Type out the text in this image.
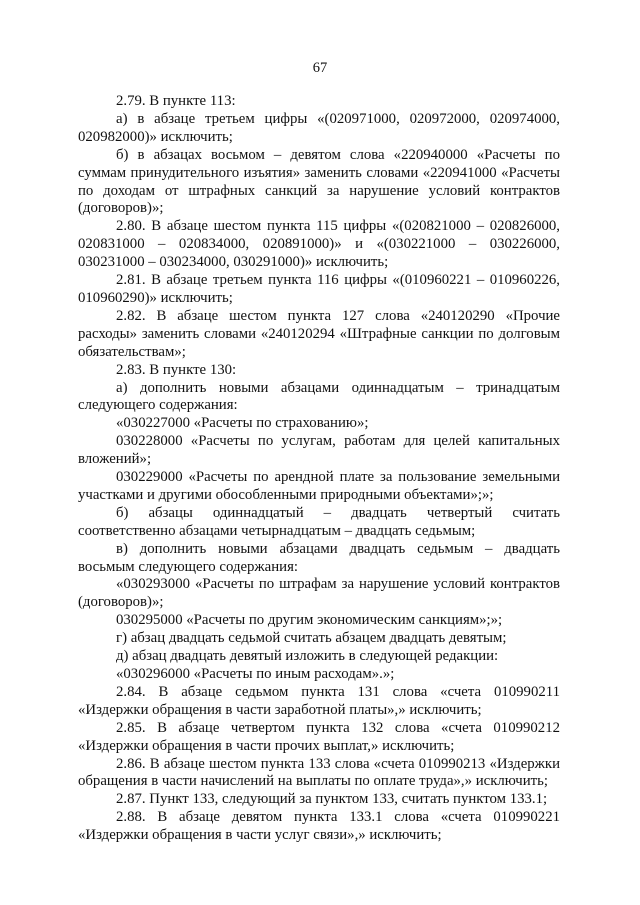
67

2.79. В пункте 113:

а) в абзаце третьем цифры «(020971000, 020972000, 020974000, 020982000)» исключить;

б) в абзацах восьмом – девятом слова «220940000 «Расчеты по суммам принудительного изъятия» заменить словами «220941000 «Расчеты по доходам от штрафных санкций за нарушение условий контрактов (договоров)»;

2.80. В абзаце шестом пункта 115 цифры «(020821000 – 020826000, 020831000 – 020834000, 020891000)» и «(030221000 – 030226000, 030231000 – 030234000, 030291000)» исключить;

2.81. В абзаце третьем пункта 116 цифры «(010960221 – 010960226, 010960290)» исключить;

2.82. В абзаце шестом пункта 127 слова «240120290 «Прочие расходы» заменить словами «240120294 «Штрафные санкции по долговым обязательствам»;

2.83. В пункте 130:

а) дополнить новыми абзацами одиннадцатым – тринадцатым следующего содержания:

«030227000 «Расчеты по страхованию»;

030228000 «Расчеты по услугам, работам для целей капитальных вложений»;

030229000 «Расчеты по арендной плате за пользование земельными участками и другими обособленными природными объектами»;»;

б) абзацы одиннадцатый – двадцать четвертый считать соответственно абзацами четырнадцатым – двадцать седьмым;

в) дополнить новыми абзацами двадцать седьмым – двадцать восьмым следующего содержания:

«030293000 «Расчеты по штрафам за нарушение условий контрактов (договоров)»;

030295000 «Расчеты по другим экономическим санкциям»;»;

г) абзац двадцать седьмой считать абзацем двадцать девятым;

д) абзац двадцать девятый изложить в следующей редакции:

«030296000 «Расчеты по иным расходам».»;

2.84. В абзаце седьмом пункта 131 слова «счета 010990211 «Издержки обращения в части заработной платы»,» исключить;

2.85. В абзаце четвертом пункта 132 слова «счета 010990212 «Издержки обращения в части прочих выплат,» исключить;

2.86. В абзаце шестом пункта 133 слова «счета 010990213 «Издержки обращения в части начислений на выплаты по оплате труда»,» исключить;

2.87. Пункт 133, следующий за пунктом 133, считать пунктом 133.1;

2.88. В абзаце девятом пункта 133.1 слова «счета 010990221 «Издержки обращения в части услуг связи»,» исключить;
